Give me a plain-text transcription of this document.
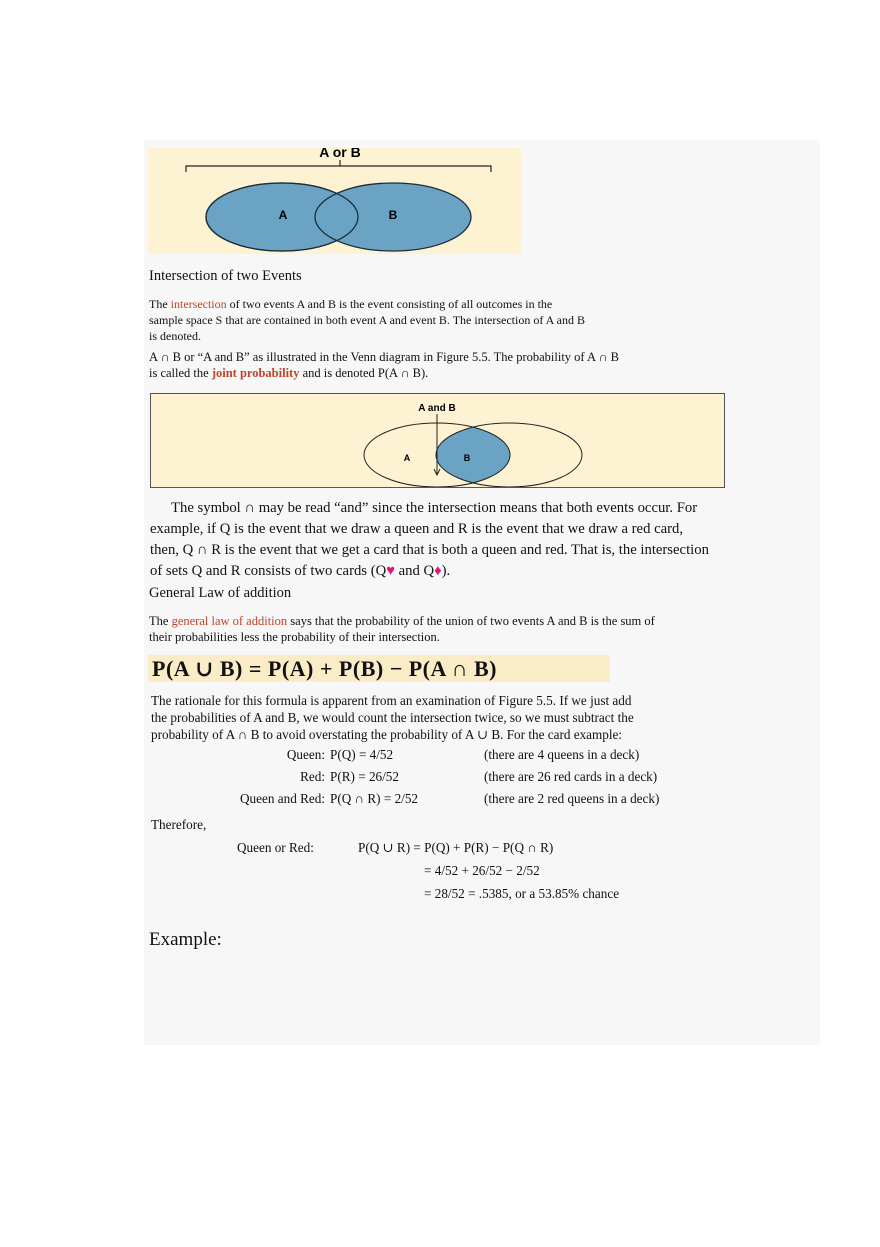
A or B
A	B
Intersection of two Events
The intersection of two events A and B is the event consisting of all outcomes in the
sample space S that are contained in both event A and event B. The intersection of A and B
is denoted.
A ∩ B or “A and B” as illustrated in the Venn diagram in Figure 5.5. The probability of A ∩ B
is called the joint probability and is denoted P(A ∩ B).
A and B
A	B
The symbol ∩ may be read “and” since the intersection means that both events occur. For
example, if Q is the event that we draw a queen and R is the event that we draw a red card,
then, Q ∩ R is the event that we get a card that is both a queen and red. That is, the intersection
of sets Q and R consists of two cards (Q♥ and Q♦).
General Law of addition
The general law of addition says that the probability of the union of two events A and B is the sum of
their probabilities less the probability of their intersection.
P(A ∪ B) = P(A) + P(B) − P(A ∩ B)
The rationale for this formula is apparent from an examination of Figure 5.5. If we just add
the probabilities of A and B, we would count the intersection twice, so we must subtract the
probability of A ∩ B to avoid overstating the probability of A ∪ B. For the card example:
Queen: P(Q) = 4/52	(there are 4 queens in a deck)
Red: P(R) = 26/52	(there are 26 red cards in a deck)
Queen and Red: P(Q ∩ R) = 2/52	(there are 2 red queens in a deck)
Therefore,
Queen or Red:	P(Q ∪ R) = P(Q) + P(R) − P(Q ∩ R)
= 4/52 + 26/52 − 2/52
= 28/52 = .5385, or a 53.85% chance
Example:
